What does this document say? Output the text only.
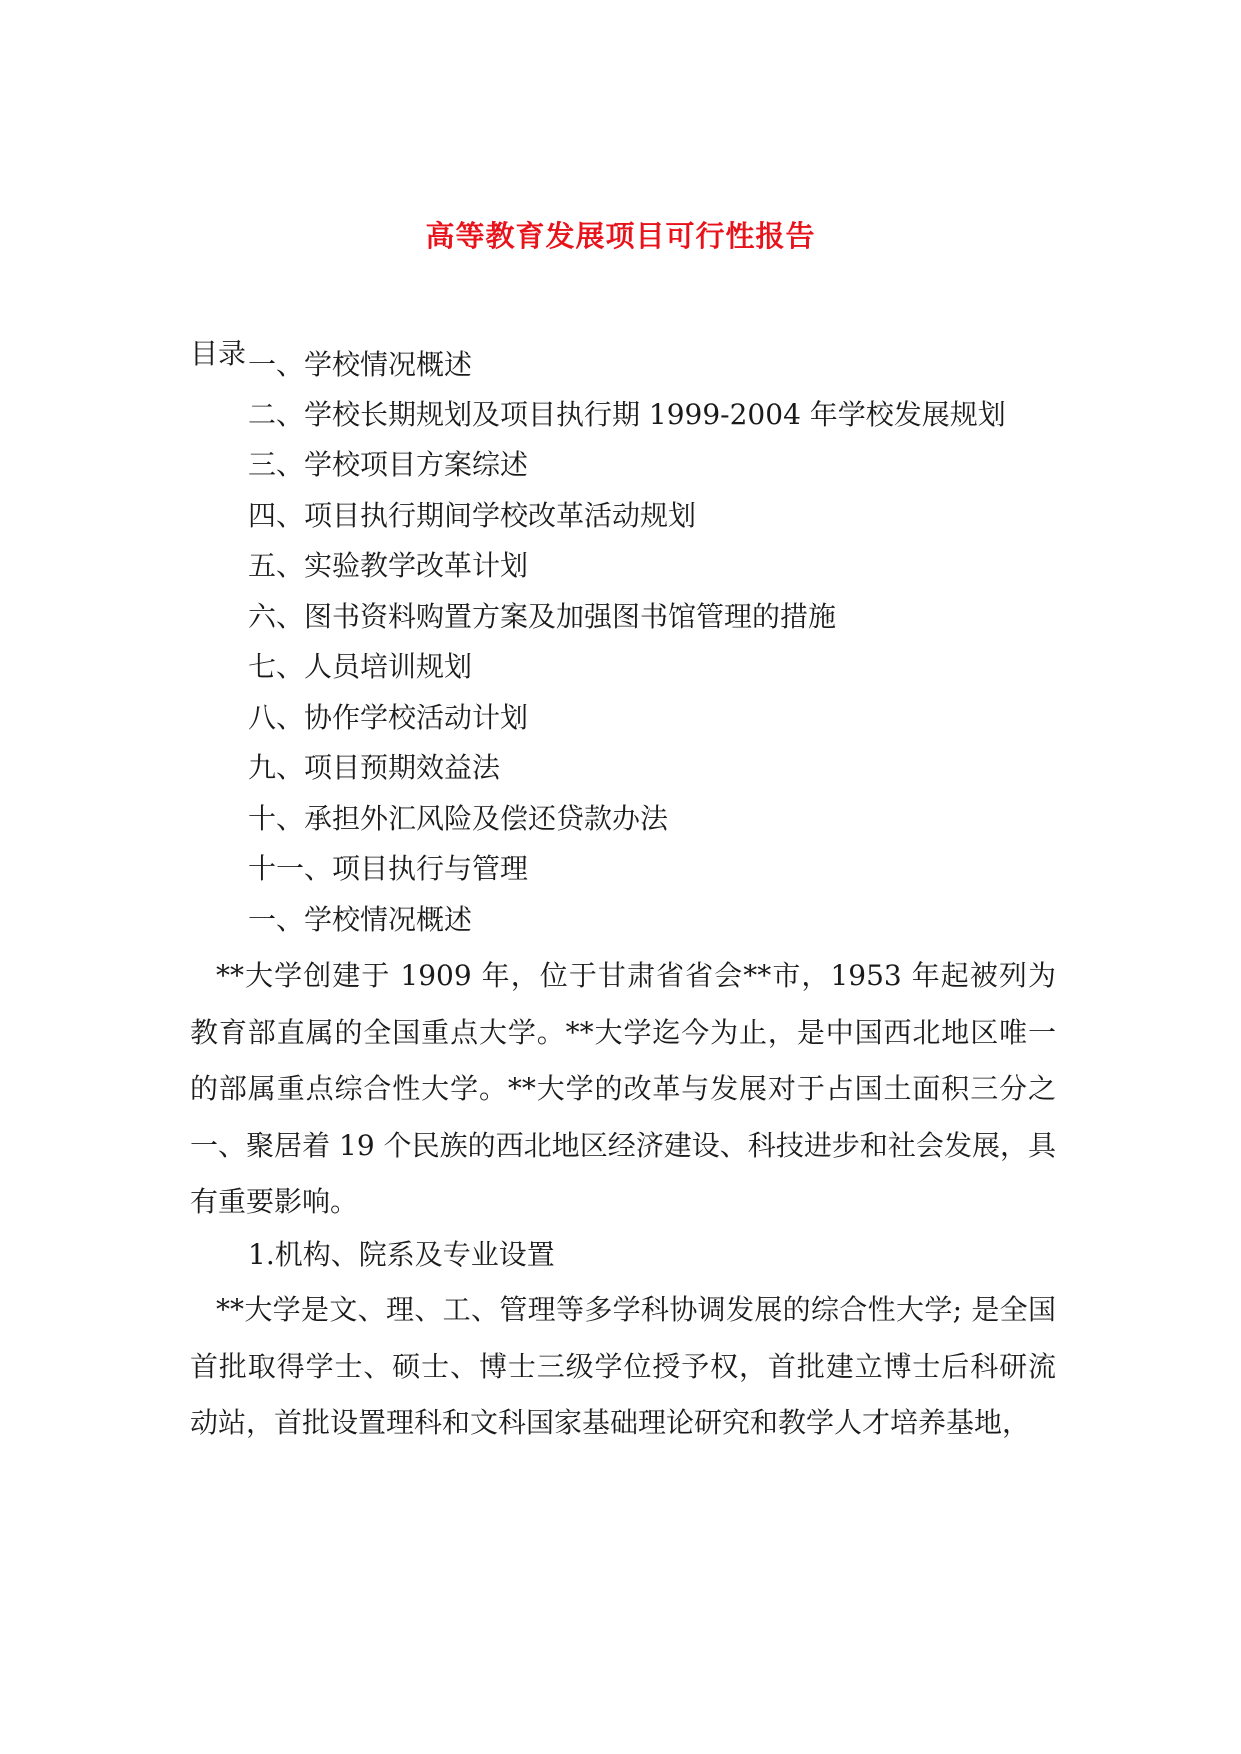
高等教育发展项目可行性报告
目录 一、学校情况概述
二、学校长期规划及项目执行期 1999-2004 年学校发展规划
三、学校项目方案综述
四、项目执行期间学校改革活动规划
五、实验教学改革计划
六、图书资料购置方案及加强图书馆管理的措施
七、人员培训规划
八、协作学校活动计划
九、项目预期效益法
十、承担外汇风险及偿还贷款办法
十一、项目执行与管理
一、学校情况概述

**大学创建于 1909 年，位于甘肃省省会**市，1953 年起被列为教育部直属的全国重点大学。**大学迄今为止，是中国西北地区唯一的部属重点综合性大学。**大学的改革与发展对于占国土面积三分之一、聚居着 19 个民族的西北地区经济建设、科技进步和社会发展，具有重要影响。

1.机构、院系及专业设置

**大学是文、理、工、管理等多学科协调发展的综合性大学; 是全国首批取得学士、硕士、博士三级学位授予权，首批建立博士后科研流动站，首批设置理科和文科国家基础理论研究和教学人才培养基地，
